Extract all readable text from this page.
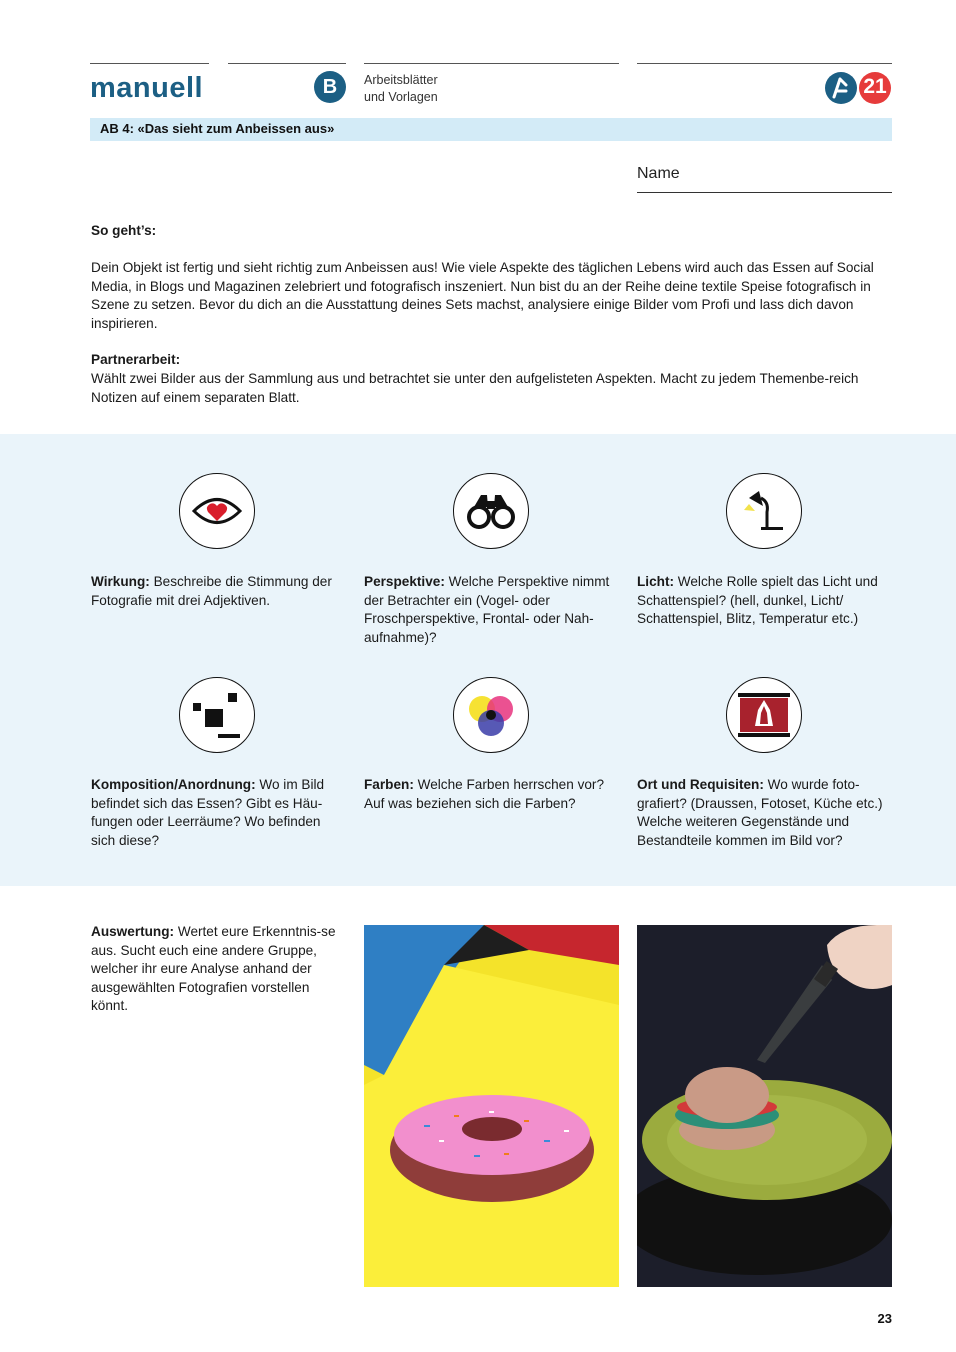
manuell	B	Arbeitsblätter
und Vorlagen	21
AB 4: «Das sieht zum Anbeissen aus»
Name
So geht’s:
Dein Objekt ist fertig und sieht richtig zum Anbeissen aus! Wie viele Aspekte des täglichen Lebens wird auch das Essen auf Social Media, in Blogs und Magazinen zelebriert und fotografisch inszeniert. Nun bist du an der Reihe deine textile Speise fotografisch in Szene zu setzen. Bevor du dich an die Ausstattung deines Sets machst, analysiere einige Bilder vom Profi und lass dich davon inspirieren.
Partnerarbeit:
Wählt zwei Bilder aus der Sammlung aus und betrachtet sie unter den aufgelisteten Aspekten. Macht zu jedem Themenbe-reich Notizen auf einem separaten Blatt.
Wirkung: Beschreibe die Stimmung der Fotografie mit drei Adjektiven.
Perspektive: Welche Perspektive nimmt der Betrachter ein (Vogel- oder Froschperspektive, Frontal- oder Nah-aufnahme)?
Licht: Welche Rolle spielt das Licht und Schattenspiel? (hell, dunkel, Licht/ Schattenspiel, Blitz, Temperatur etc.)
Komposition/Anordnung: Wo im Bild befindet sich das Essen? Gibt es Häu-fungen oder Leerräume? Wo befinden sich diese?
Farben: Welche Farben herrschen vor? Auf was beziehen sich die Farben?
Ort und Requisiten: Wo wurde foto-grafiert? (Draussen, Fotoset, Küche etc.) Welche weiteren Gegenstände und Bestandteile kommen im Bild vor?
Auswertung: Wertet eure Erkenntnis-se aus. Sucht euch eine andere Gruppe, welcher ihr eure Analyse anhand der ausgewählten Fotografien vorstellen könnt.
23
